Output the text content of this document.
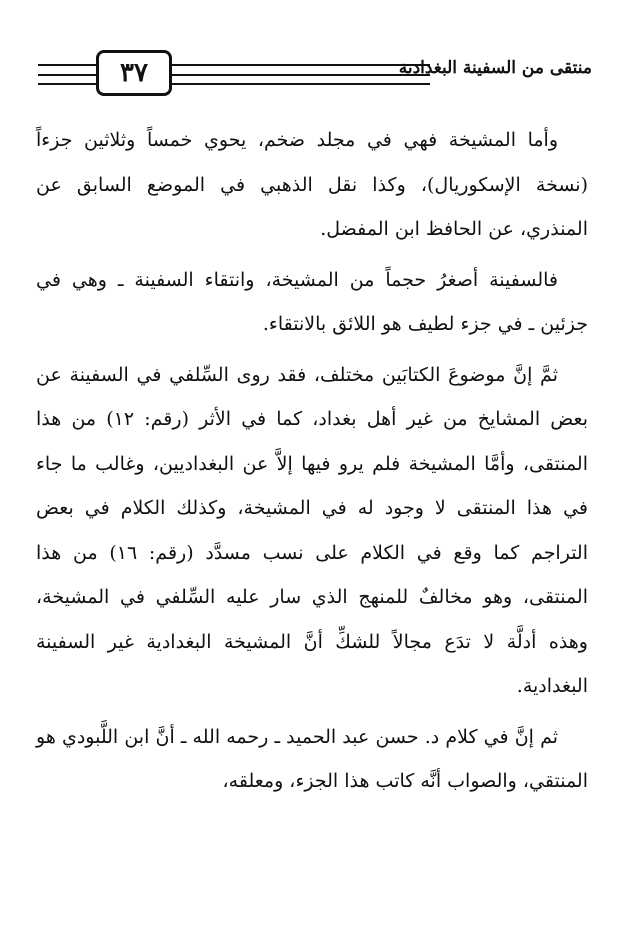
منتقى من السفينة البغدادية
٣٧

وأما المشيخة فهي في مجلد ضخم، يحوي خمساً وثلاثين جزءاً (نسخة الإسكوريال)، وكذا نقل الذهبي في الموضع السابق عن المنذري، عن الحافظ ابن المفضل.

فالسفينة أصغرُ حجماً من المشيخة، وانتقاء السفينة ـ وهي في جزئين ـ في جزء لطيف هو اللائق بالانتقاء.

ثمَّ إنَّ موضوعَ الكتابَين مختلف، فقد روى السِّلفي في السفينة عن بعض المشايخ من غير أهل بغداد، كما في الأثر (رقم: ١٢) من هذا المنتقى، وأمَّا المشيخة فلم يرو فيها إلاَّ عن البغداديين، وغالب ما جاء في هذا المنتقى لا وجود له في المشيخة، وكذلك الكلام في بعض التراجم كما وقع في الكلام على نسب مسدَّد (رقم: ١٦) من هذا المنتقى، وهو مخالفٌ للمنهج الذي سار عليه السِّلفي في المشيخة، وهذه أدلَّة لا تدَع مجالاً للشكِّ أنَّ المشيخة البغدادية غير السفينة البغدادية.

ثم إنَّ في كلام د. حسن عبد الحميد ـ رحمه الله ـ أنَّ ابن اللَّبودي هو المنتقي، والصواب أنَّه كاتب هذا الجزء، ومعلقه،
